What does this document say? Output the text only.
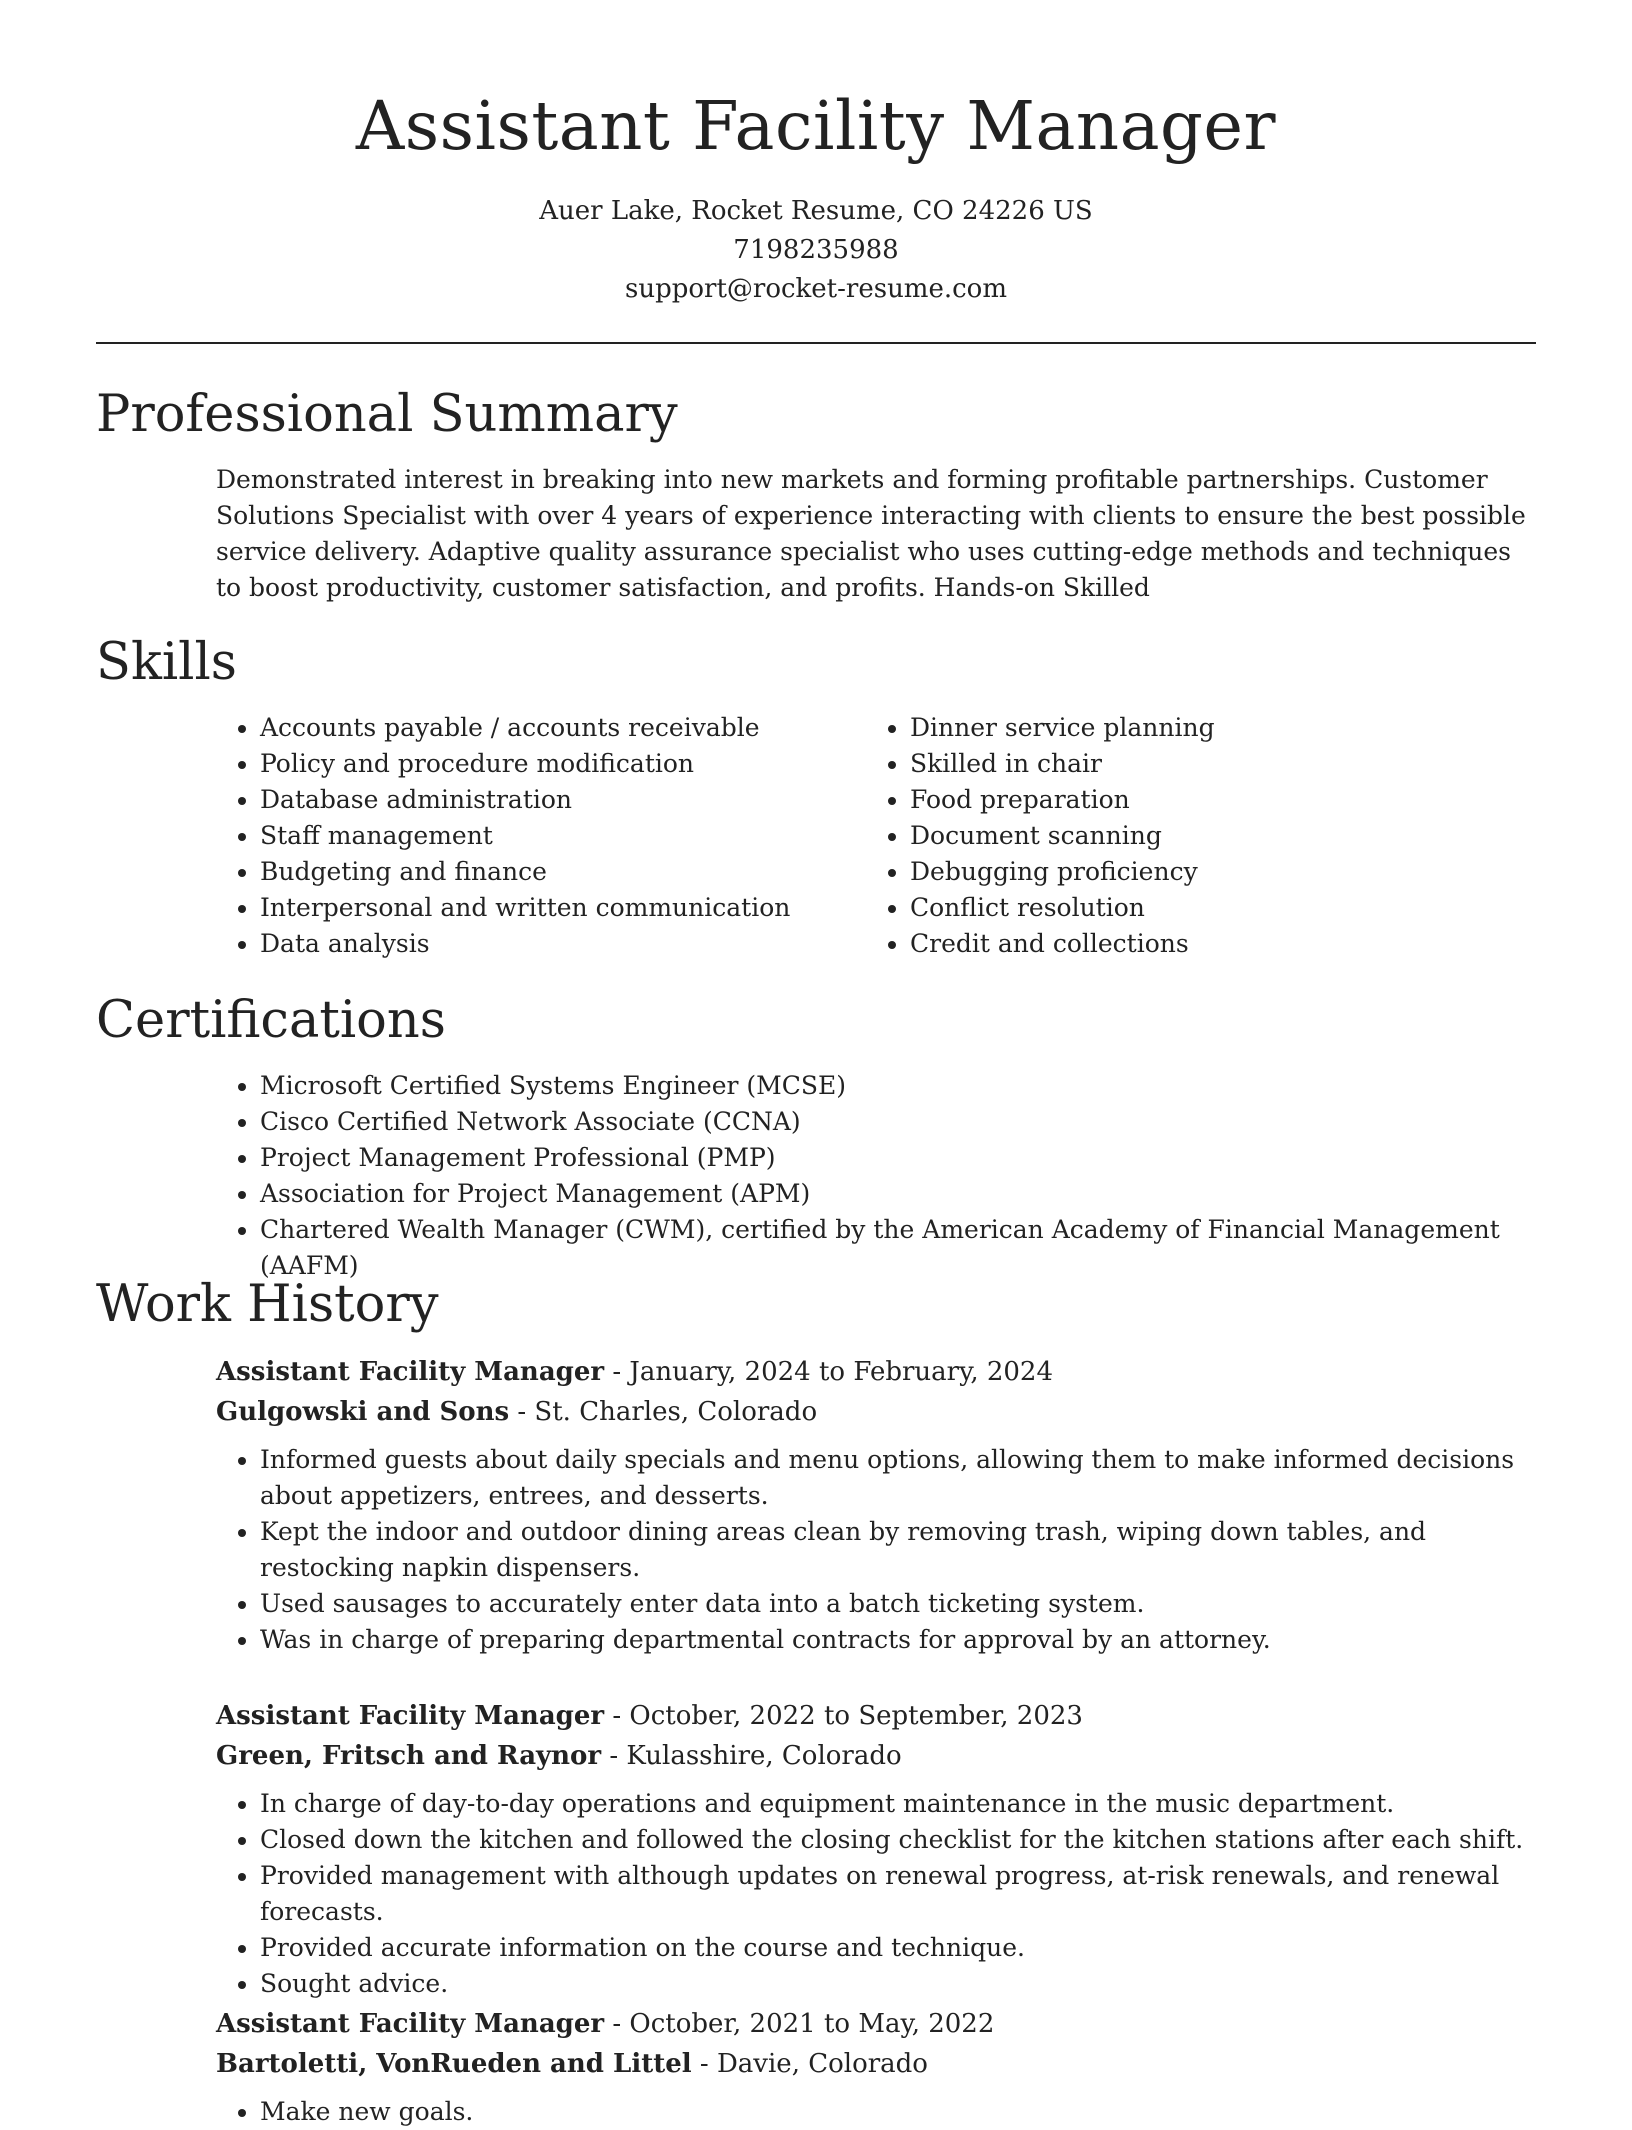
Assistant Facility Manager
Auer Lake, Rocket Resume, CO 24226 US
7198235988
support@rocket-resume.com
Professional Summary
Demonstrated interest in breaking into new markets and forming profitable partnerships. Customer Solutions Specialist with over 4 years of experience interacting with clients to ensure the best possible service delivery. Adaptive quality assurance specialist who uses cutting-edge methods and techniques to boost productivity, customer satisfaction, and profits. Hands-on Skilled
Skills
• Accounts payable / accounts receivable
• Policy and procedure modification
• Database administration
• Staff management
• Budgeting and finance
• Interpersonal and written communication
• Data analysis
• Dinner service planning
• Skilled in chair
• Food preparation
• Document scanning
• Debugging proficiency
• Conflict resolution
• Credit and collections
Certifications
• Microsoft Certified Systems Engineer (MCSE)
• Cisco Certified Network Associate (CCNA)
• Project Management Professional (PMP)
• Association for Project Management (APM)
• Chartered Wealth Manager (CWM), certified by the American Academy of Financial Management (AAFM)
Work History
Assistant Facility Manager - January, 2024 to February, 2024
Gulgowski and Sons - St. Charles, Colorado
• Informed guests about daily specials and menu options, allowing them to make informed decisions about appetizers, entrees, and desserts.
• Kept the indoor and outdoor dining areas clean by removing trash, wiping down tables, and restocking napkin dispensers.
• Used sausages to accurately enter data into a batch ticketing system.
• Was in charge of preparing departmental contracts for approval by an attorney.
Assistant Facility Manager - October, 2022 to September, 2023
Green, Fritsch and Raynor - Kulasshire, Colorado
• In charge of day-to-day operations and equipment maintenance in the music department.
• Closed down the kitchen and followed the closing checklist for the kitchen stations after each shift.
• Provided management with although updates on renewal progress, at-risk renewals, and renewal forecasts.
• Provided accurate information on the course and technique.
• Sought advice.
Assistant Facility Manager - October, 2021 to May, 2022
Bartoletti, VonRueden and Littel - Davie, Colorado
• Make new goals.
